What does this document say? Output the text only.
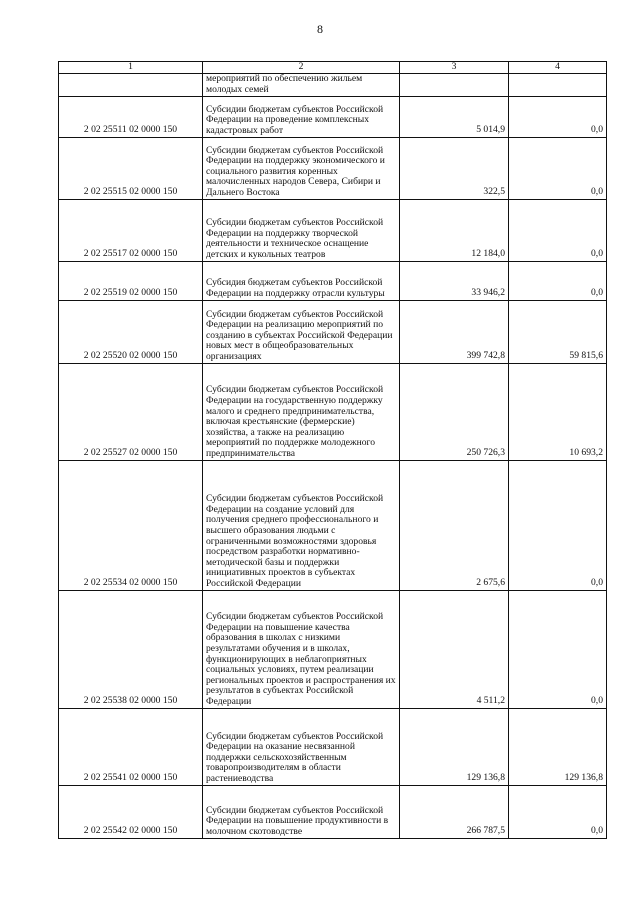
8
1	2	3	4
	мероприятий по обеспечению жильем молодых семей		
2 02 25511 02 0000 150	Субсидии бюджетам субъектов Российской Федерации на проведение комплексных кадастровых работ	5 014,9	0,0
2 02 25515 02 0000 150	Субсидии бюджетам субъектов Российской Федерации на поддержку экономического и социального развития коренных малочисленных народов Севера, Сибири и Дальнего Востока	322,5	0,0
2 02 25517 02 0000 150	Субсидии бюджетам субъектов Российской Федерации на поддержку творческой деятельности и техническое оснащение детских и кукольных театров	12 184,0	0,0
2 02 25519 02 0000 150	Субсидия бюджетам субъектов Российской Федерации на поддержку отрасли культуры	33 946,2	0,0
2 02 25520 02 0000 150	Субсидии бюджетам субъектов Российской Федерации на реализацию мероприятий по созданию в субъектах Российской Федерации новых мест в общеобразовательных организациях	399 742,8	59 815,6
2 02 25527 02 0000 150	Субсидии бюджетам субъектов Российской Федерации на государственную поддержку малого и среднего предпринимательства, включая крестьянские (фермерские) хозяйства, а также на реализацию мероприятий по поддержке молодежного предпринимательства	250 726,3	10 693,2
2 02 25534 02 0000 150	Субсидии бюджетам субъектов Российской Федерации на создание условий для получения среднего профессионального и высшего образования людьми с ограниченными возможностями здоровья посредством разработки нормативно-методической базы и поддержки инициативных проектов в субъектах Российской Федерации	2 675,6	0,0
2 02 25538 02 0000 150	Субсидии бюджетам субъектов Российской Федерации на повышение качества образования в школах с низкими результатами обучения и в школах, функционирующих в неблагоприятных социальных условиях, путем реализации региональных проектов и распространения их результатов в субъектах Российской Федерации	4 511,2	0,0
2 02 25541 02 0000 150	Субсидии бюджетам субъектов Российской Федерации на оказание несвязанной поддержки сельскохозяйственным товаропроизводителям в области растениеводства	129 136,8	129 136,8
2 02 25542 02 0000 150	Субсидии бюджетам субъектов Российской Федерации на повышение продуктивности в молочном скотоводстве	266 787,5	0,0
